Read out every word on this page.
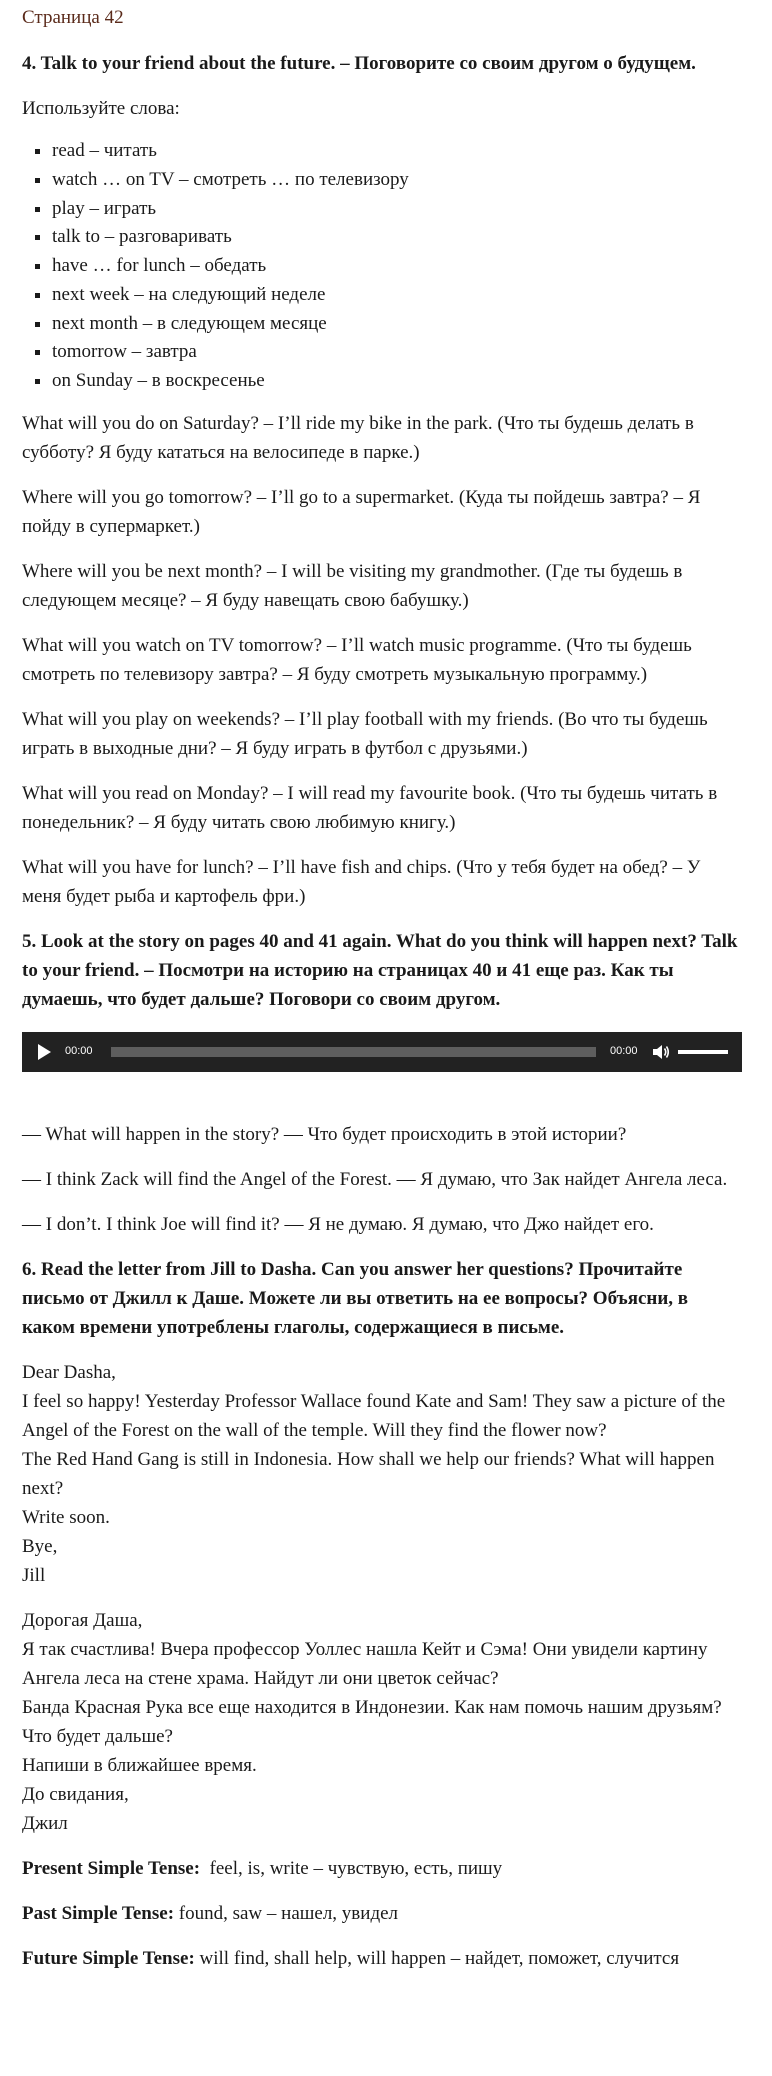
Страница 42

4. Talk to your friend about the future. – Поговорите со своим другом о будущем.

Используйте слова:

▪ read – читать
▪ watch … on TV – смотреть … по телевизору
▪ play – играть
▪ talk to – разговаривать
▪ have … for lunch – обедать
▪ next week – на следующий неделе
▪ next month – в следующем месяце
▪ tomorrow – завтра
▪ on Sunday – в воскресенье

What will you do on Saturday? – I’ll ride my bike in the park. (Что ты будешь делать в субботу? Я буду кататься на велосипеде в парке.)

Where will you go tomorrow? – I’ll go to a supermarket. (Куда ты пойдешь завтра? – Я пойду в супермаркет.)

Where will you be next month? – I will be visiting my grandmother. (Где ты будешь в следующем месяце? – Я буду навещать свою бабушку.)

What will you watch on TV tomorrow? – I’ll watch music programme. (Что ты будешь смотреть по телевизору завтра? – Я буду смотреть музыкальную программу.)

What will you play on weekends? – I’ll play football with my friends. (Во что ты будешь играть в выходные дни? – Я буду играть в футбол с друзьями.)

What will you read on Monday? – I will read my favourite book. (Что ты будешь читать в понедельник? – Я буду читать свою любимую книгу.)

What will you have for lunch? – I’ll have fish and chips. (Что у тебя будет на обед? – У меня будет рыба и картофель фри.)

5. Look at the story on pages 40 and 41 again. What do you think will happen next? Talk to your friend. – Посмотри на историю на страницах 40 и 41 еще раз. Как ты думаешь, что будет дальше? Поговори со своим другом.
00:00	00:00

— What will happen in the story? — Что будет происходить в этой истории?

— I think Zack will find the Angel of the Forest. — Я думаю, что Зак найдет Ангела леса.

— I don’t. I think Joe will find it? — Я не думаю. Я думаю, что Джо найдет его.

6. Read the letter from Jill to Dasha. Can you answer her questions? Прочитайте письмо от Джилл к Даше. Можете ли вы ответить на ее вопросы? Объясни, в каком времени употреблены глаголы, содержащиеся в письме.

Dear Dasha,

I feel so happy! Yesterday Professor Wallace found Kate and Sam! They saw a picture of the Angel of the Forest on the wall of the temple. Will they find the flower now?

The Red Hand Gang is still in Indonesia. How shall we help our friends? What will happen next?

Write soon.

Bye,

Jill

Дорогая Даша,

Я так счастлива! Вчера профессор Уоллес нашла Кейт и Сэма! Они увидели картину Ангела леса на стене храма. Найдут ли они цветок сейчас?

Банда Красная Рука все еще находится в Индонезии. Как нам помочь нашим друзьям? Что будет дальше?

Напиши в ближайшее время.

До свидания,

Джил

Present Simple Tense:  feel, is, write – чувствую, есть, пишу

Past Simple Tense: found, saw – нашел, увидел

Future Simple Tense: will find, shall help, will happen – найдет, поможет, случится
